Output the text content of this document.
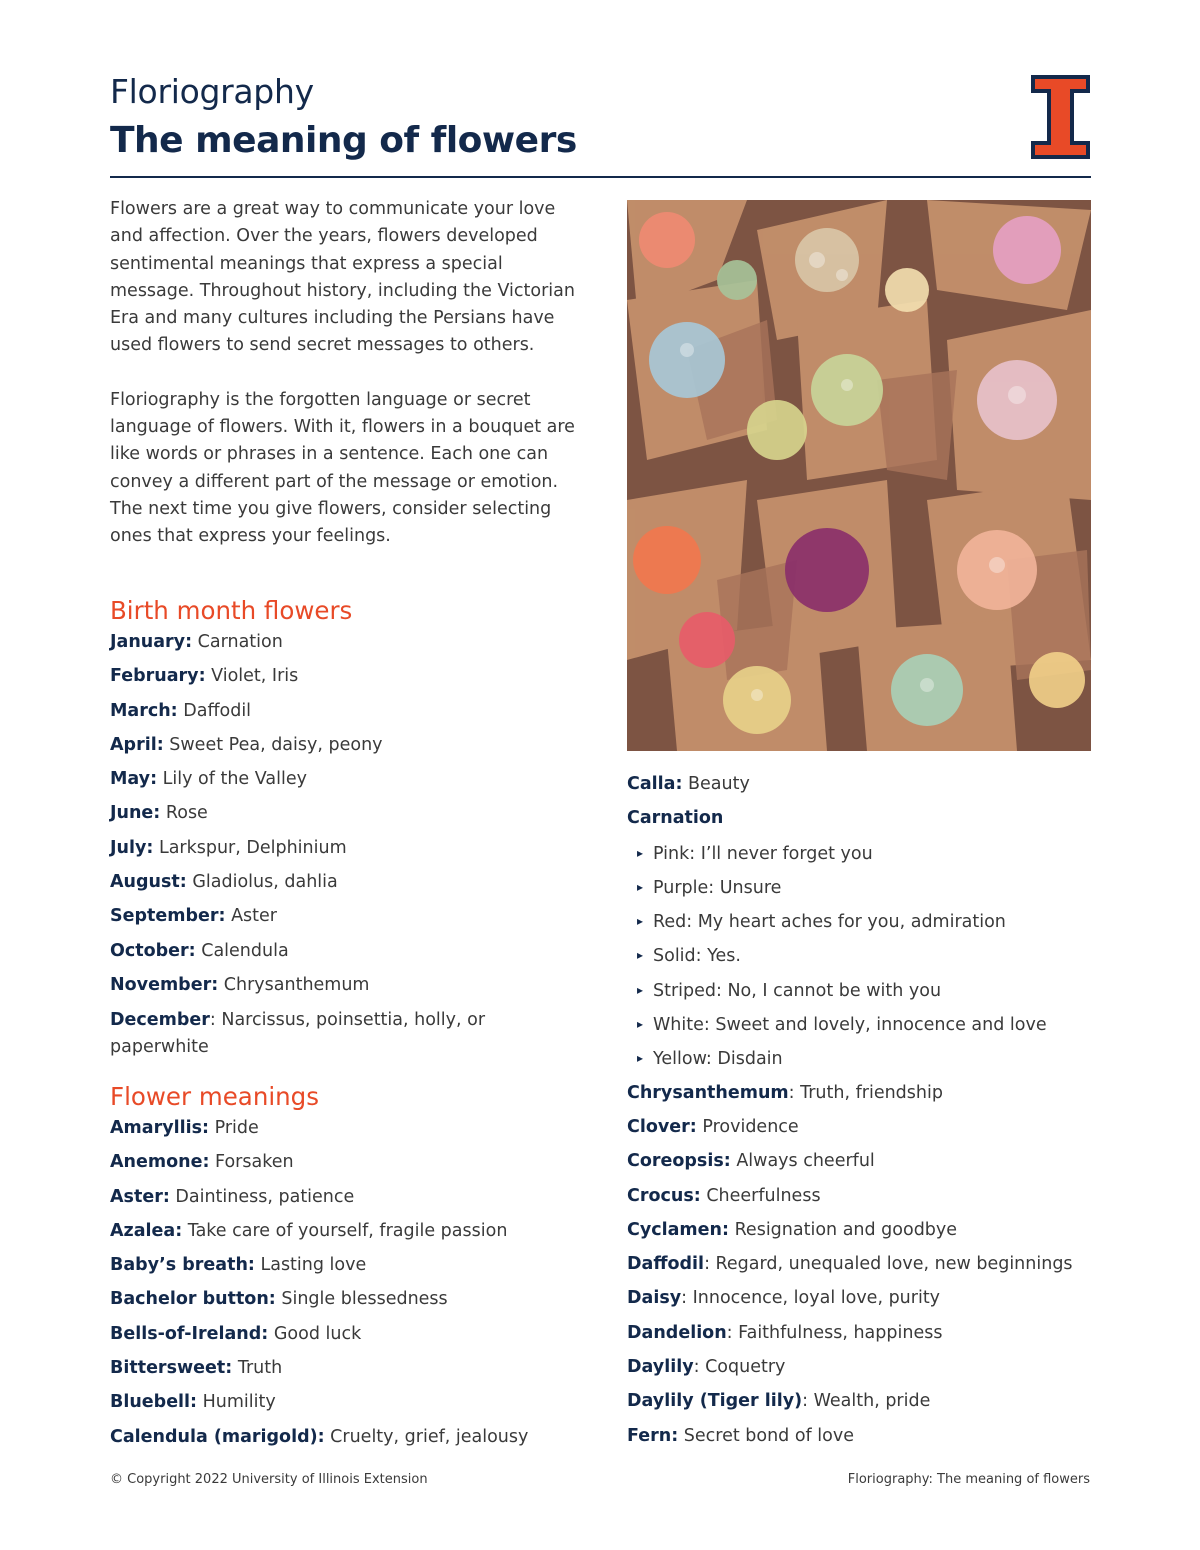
Floriography
The meaning of flowers

Flowers are a great way to communicate your love and affection. Over the years, flowers developed sentimental meanings that express a special message. Throughout history, including the Victorian Era and many cultures including the Persians have used flowers to send secret messages to others.

Floriography is the forgotten language or secret language of flowers. With it, flowers in a bouquet are like words or phrases in a sentence. Each one can convey a different part of the message or emotion. The next time you give flowers, consider selecting ones that express your feelings.

Birth month flowers
January: Carnation
February: Violet, Iris
March: Daffodil
April: Sweet Pea, daisy, peony
May: Lily of the Valley
June: Rose
July: Larkspur, Delphinium
August: Gladiolus, dahlia
September: Aster
October: Calendula
November: Chrysanthemum
December: Narcissus, poinsettia, holly, or paperwhite
Flower meanings
Amaryllis: Pride
Anemone: Forsaken
Aster: Daintiness, patience
Azalea: Take care of yourself, fragile passion
Baby’s breath: Lasting love
Bachelor button: Single blessedness
Bells-of-Ireland: Good luck
Bittersweet: Truth
Bluebell: Humility
Calendula (marigold): Cruelty, grief, jealousy
Calla: Beauty
Carnation
▸ Pink: I’ll never forget you
▸ Purple: Unsure
▸ Red: My heart aches for you, admiration
▸ Solid: Yes.
▸ Striped: No, I cannot be with you
▸ White: Sweet and lovely, innocence and love
▸ Yellow: Disdain
Chrysanthemum: Truth, friendship
Clover: Providence
Coreopsis: Always cheerful
Crocus: Cheerfulness
Cyclamen: Resignation and goodbye
Daffodil: Regard, unequaled love, new beginnings
Daisy: Innocence, loyal love, purity
Dandelion: Faithfulness, happiness
Daylily: Coquetry
Daylily (Tiger lily): Wealth, pride
Fern: Secret bond of love
© Copyright 2022 University of Illinois Extension	Floriography: The meaning of flowers
